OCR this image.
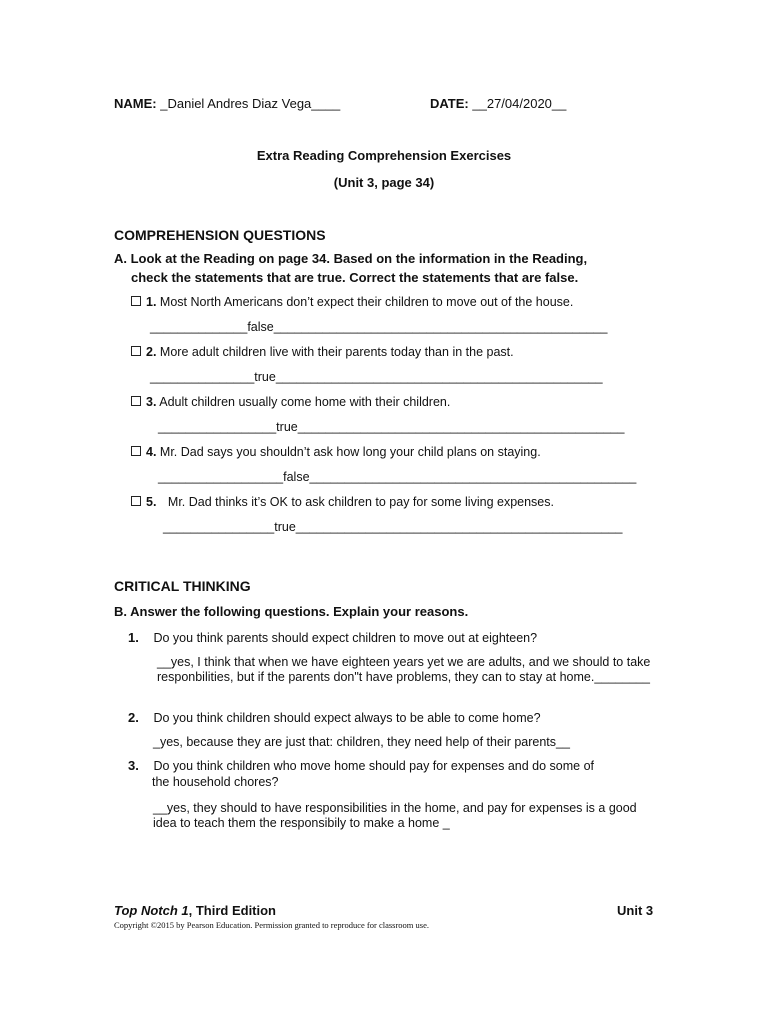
NAME: _Daniel Andres Diaz Vega____	DATE: __27/04/2020__
Extra Reading Comprehension Exercises
(Unit 3, page 34)
COMPREHENSION QUESTIONS
A. Look at the Reading on page 34. Based on the information in the Reading,
check the statements that are true. Correct the statements that are false.
1. Most North Americans don’t expect their children to move out of the house.
______________false________________________________________________
2. More adult children live with their parents today than in the past.
_______________true_______________________________________________
3. Adult children usually come home with their children.
_________________true_______________________________________________
4. Mr. Dad says you shouldn’t ask how long your child plans on staying.
__________________false_______________________________________________
5. Mr. Dad thinks it’s OK to ask children to pay for some living expenses.
________________true_______________________________________________
CRITICAL THINKING
B. Answer the following questions. Explain your reasons.
1. Do you think parents should expect children to move out at eighteen?
__yes, I think that when we have eighteen years yet we are adults, and we should to take responbilities, but if the parents don"t have problems, they can to stay at home.________
2. Do you think children should expect always to be able to come home?
_yes, because they are just that: children, they need help of their parents__
3. Do you think children who move home should pay for expenses and do some of
the household chores?
__yes, they should to have responsibilities in the home, and pay for expenses is a good idea to teach them the responsibily to make a home _
Top Notch 1, Third Edition	Unit 3
Copyright ©2015 by Pearson Education. Permission granted to reproduce for classroom use.
